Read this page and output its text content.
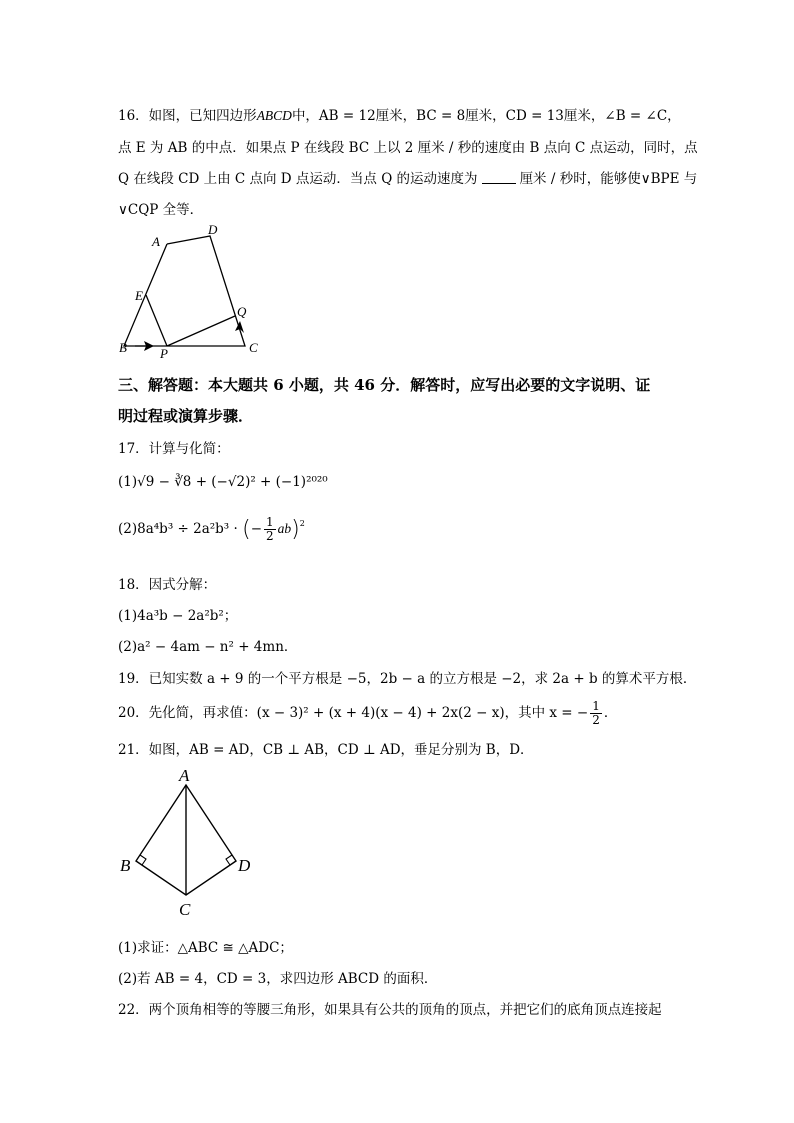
16．如图，已知四边形ABCD中，AB = 12厘米，BC = 8厘米，CD = 13厘米，∠B = ∠C，
点 E 为 AB 的中点．如果点 P 在线段 BC 上以 2 厘米 / 秒的速度由 B 点向 C 点运动，同时，点
Q 在线段 CD 上由 C 点向 D 点运动．当点 Q 的运动速度为	厘米 / 秒时，能够使∨BPE 与
∨CQP 全等．
A
D
E
Q
B	P	C
三、解答题：本大题共 6 小题，共 46 分．解答时，应写出必要的文字说明、证
明过程或演算步骤．
17．计算与化简：
(1)√9 − ∛8 + (−√2)² + (−1)²⁰²⁰
(2)8a⁴b³ ÷ 2a²b³ · (− $\frac{1}{2} ab)^2$
18．因式分解：
(1)4a³b − 2a²b²；
(2)a² − 4am − n² + 4mn．
19．已知实数 a + 9 的一个平方根是 −5，2b − a 的立方根是 −2，求 2a + b 的算术平方根．
20．先化简，再求值：(x − 3)² + (x + 4)(x − 4) + 2x(2 − x)，其中 x = − $\frac{1}{2}$ ．
21．如图，AB = AD，CB ⊥ AB，CD ⊥ AD，垂足分别为 B，D．
A
B	D
C
(1)求证：△ABC ≅ △ADC；
(2)若 AB = 4，CD = 3，求四边形 ABCD 的面积．
22．两个顶角相等的等腰三角形，如果具有公共的顶角的顶点，并把它们的底角顶点连接起
